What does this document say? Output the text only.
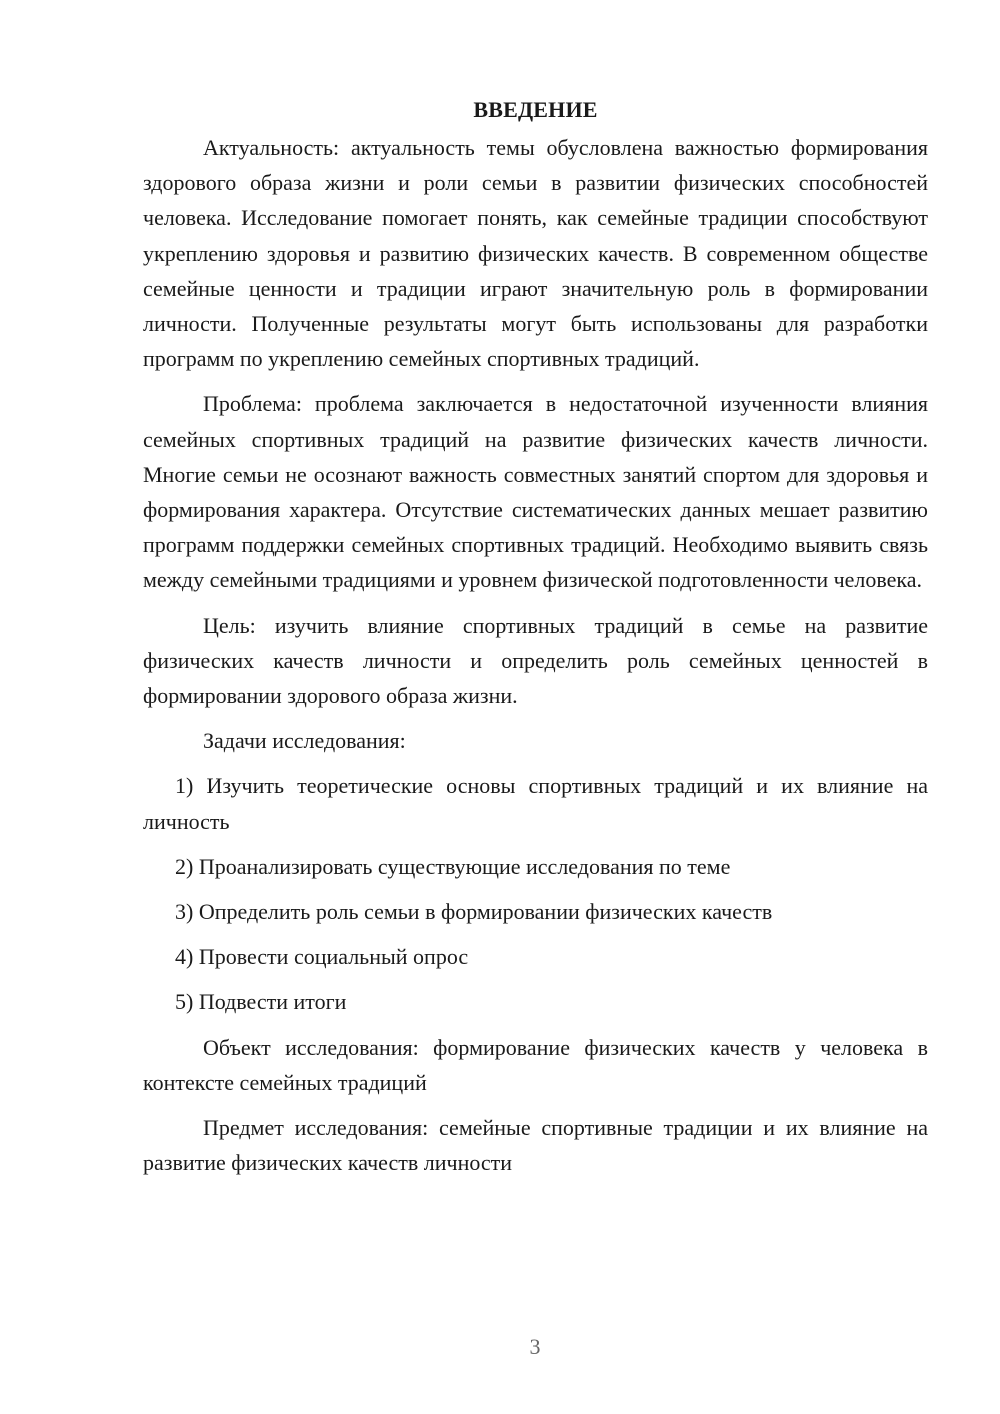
ВВЕДЕНИЕ

Актуальность: актуальность темы обусловлена важностью формирования здорового образа жизни и роли семьи в развитии физических способностей человека. Исследование помогает понять, как семейные традиции способствуют укреплению здоровья и развитию физических качеств. В современном обществе семейные ценности и традиции играют значительную роль в формировании личности. Полученные результаты могут быть использованы для разработки программ по укреплению семейных спортивных традиций.

Проблема: проблема заключается в недостаточной изученности влияния семейных спортивных традиций на развитие физических качеств личности. Многие семьи не осознают важность совместных занятий спортом для здоровья и формирования характера. Отсутствие систематических данных мешает развитию программ поддержки семейных спортивных традиций. Необходимо выявить связь между семейными традициями и уровнем физической подготовленности человека.

Цель: изучить влияние спортивных традиций в семье на развитие физических качеств личности и определить роль семейных ценностей в формировании здорового образа жизни.

Задачи исследования:

1) Изучить теоретические основы спортивных традиций и их влияние на личность
2) Проанализировать существующие исследования по теме
3) Определить роль семьи в формировании физических качеств
4) Провести социальный опрос
5) Подвести итоги

Объект исследования: формирование физических качеств у человека в контексте семейных традиций

Предмет исследования: семейные спортивные традиции и их влияние на развитие физических качеств личности

3
